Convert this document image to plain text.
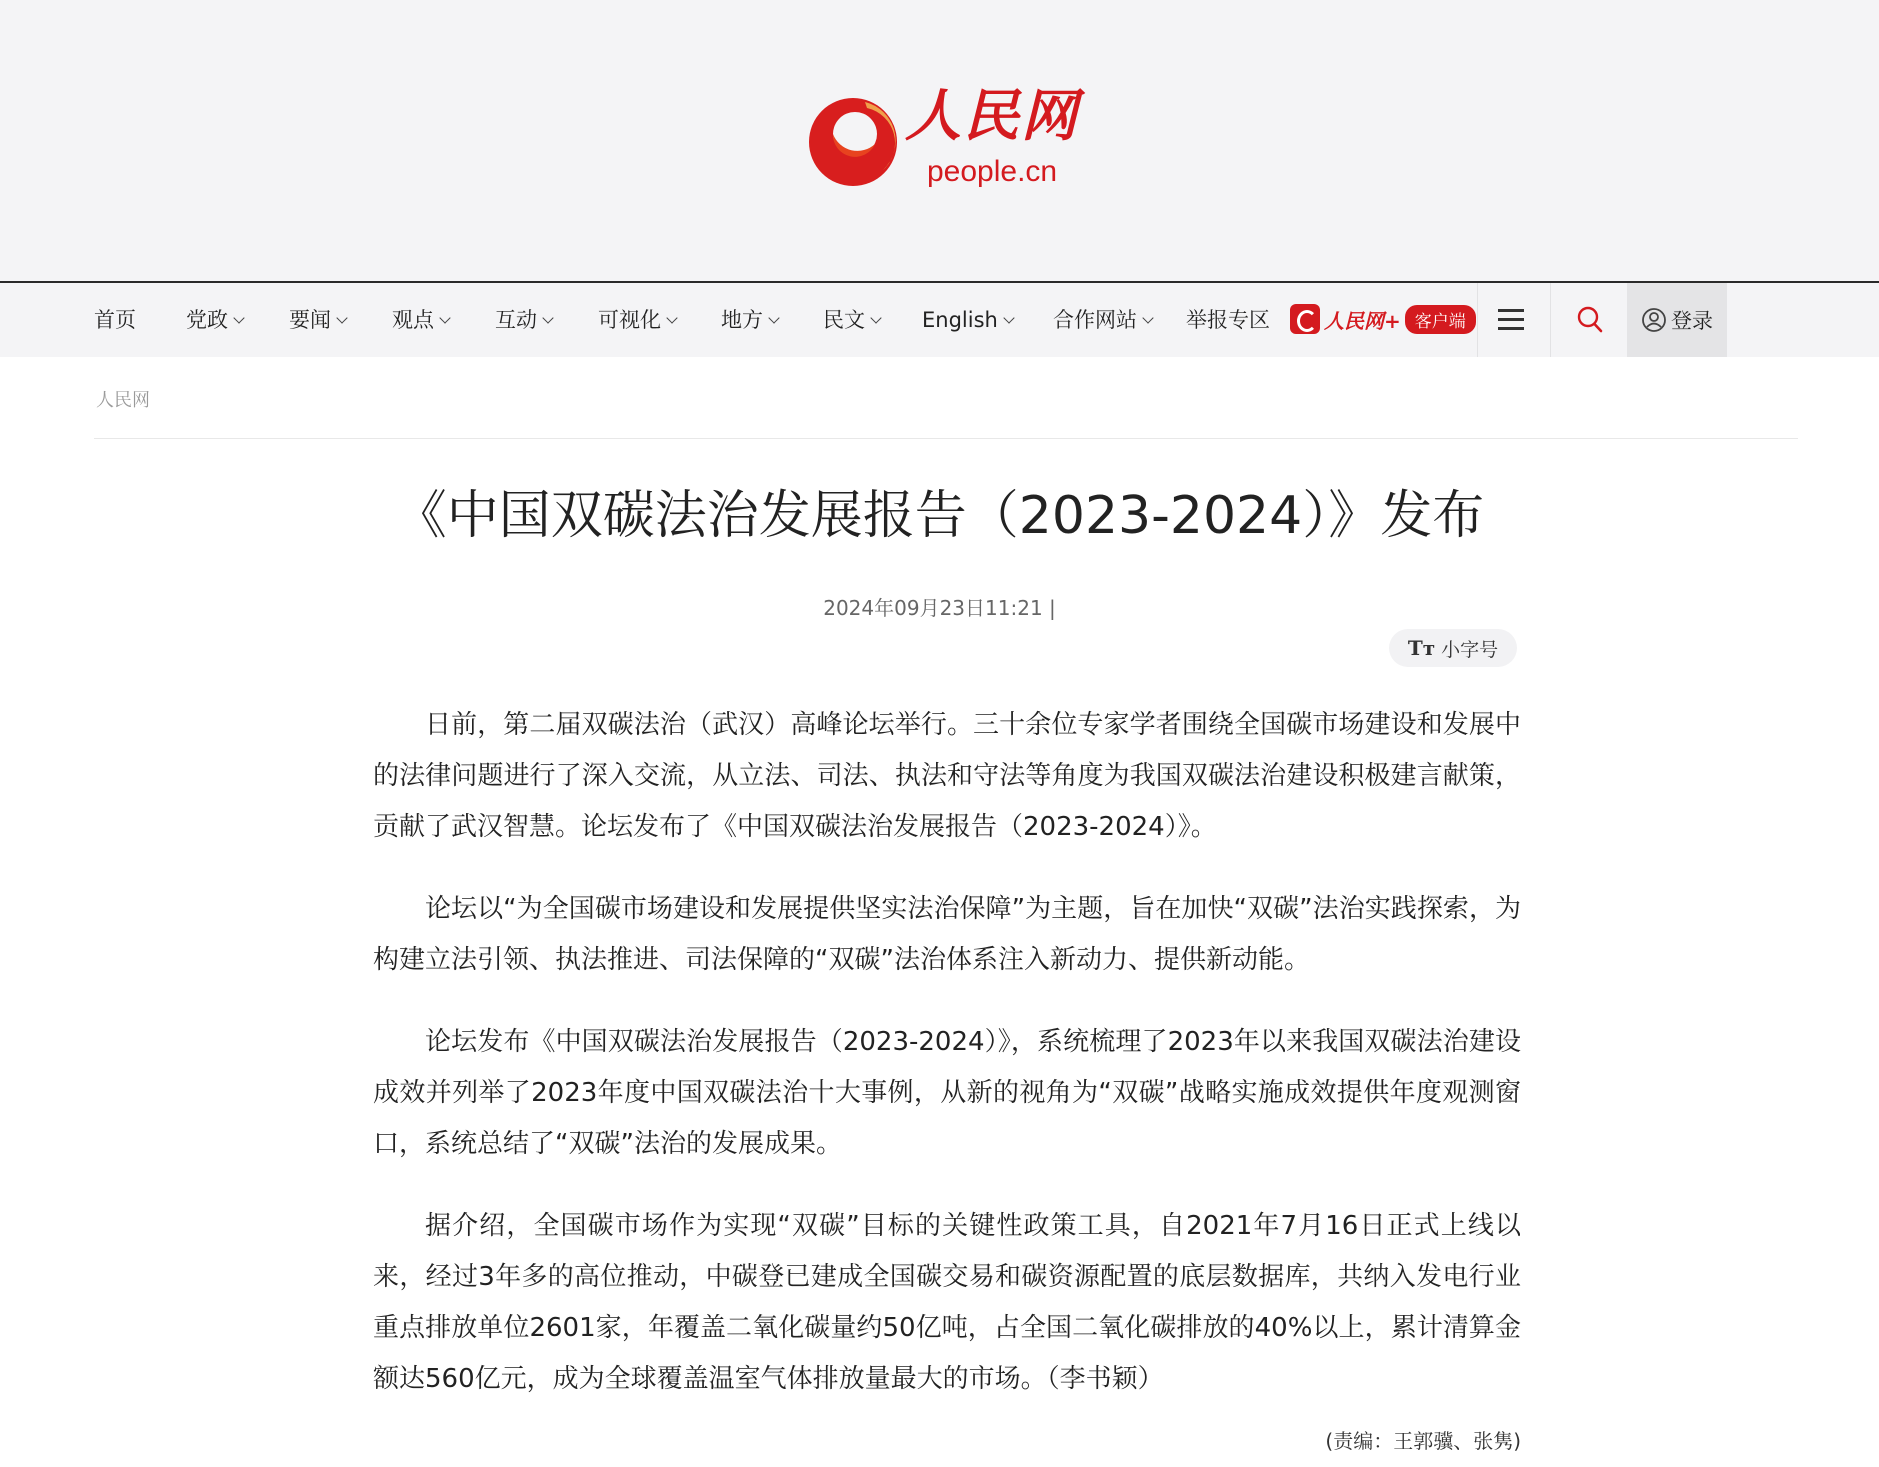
人民网
people.cn
首页 党政	要闻	观点	互动	可视化	地方	民文	English	合作网站	举报专区	人民网+ 客户端	登录
人民网
《中国双碳法治发展报告（2023-2024）》发布
2024年09月23日11:21 |
Tт 小字号

日前，第二届双碳法治（武汉）高峰论坛举行。三十余位专家学者围绕全国碳市场建设和发展中的法律问题进行了深入交流，从立法、司法、执法和守法等角度为我国双碳法治建设积极建言献策，贡献了武汉智慧。论坛发布了《中国双碳法治发展报告（2023-2024）》。

论坛以“为全国碳市场建设和发展提供坚实法治保障”为主题，旨在加快“双碳”法治实践探索，为构建立法引领、执法推进、司法保障的“双碳”法治体系注入新动力、提供新动能。

论坛发布《中国双碳法治发展报告（2023-2024）》，系统梳理了2023年以来我国双碳法治建设成效并列举了2023年度中国双碳法治十大事例，从新的视角为“双碳”战略实施成效提供年度观测窗口，系统总结了“双碳”法治的发展成果。

据介绍，全国碳市场作为实现“双碳”目标的关键性政策工具，自2021年7月16日正式上线以来，经过3年多的高位推动，中碳登已建成全国碳交易和碳资源配置的底层数据库，共纳入发电行业重点排放单位2601家，年覆盖二氧化碳量约50亿吨，占全国二氧化碳排放的40%以上，累计清算金额达560亿元，成为全球覆盖温室气体排放量最大的市场。（李书颖）

(责编：王郭骥、张隽)
